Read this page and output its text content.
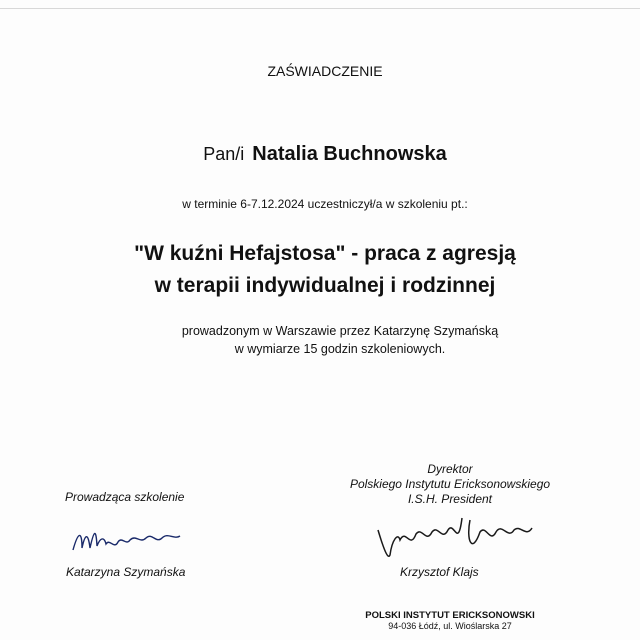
ZAŚWIADCZENIE
Pan/i Natalia Buchnowska
w terminie 6-7.12.2024 uczestniczył/a w szkoleniu pt.:
"W kuźni Hefajstosa" - praca z agresją
w terapii indywidualnej i rodzinnej
prowadzonym w Warszawie przez Katarzynę Szymańską
w wymiarze 15 godzin szkoleniowych.
Prowadząca szkolenie
Katarzyna Szymańska
Dyrektor
Polskiego Instytutu Ericksonowskiego
I.S.H. President
Krzysztof Klajs
POLSKI INSTYTUT ERICKSONOWSKI
94-036 Łódź, ul. Wioślarska 27
